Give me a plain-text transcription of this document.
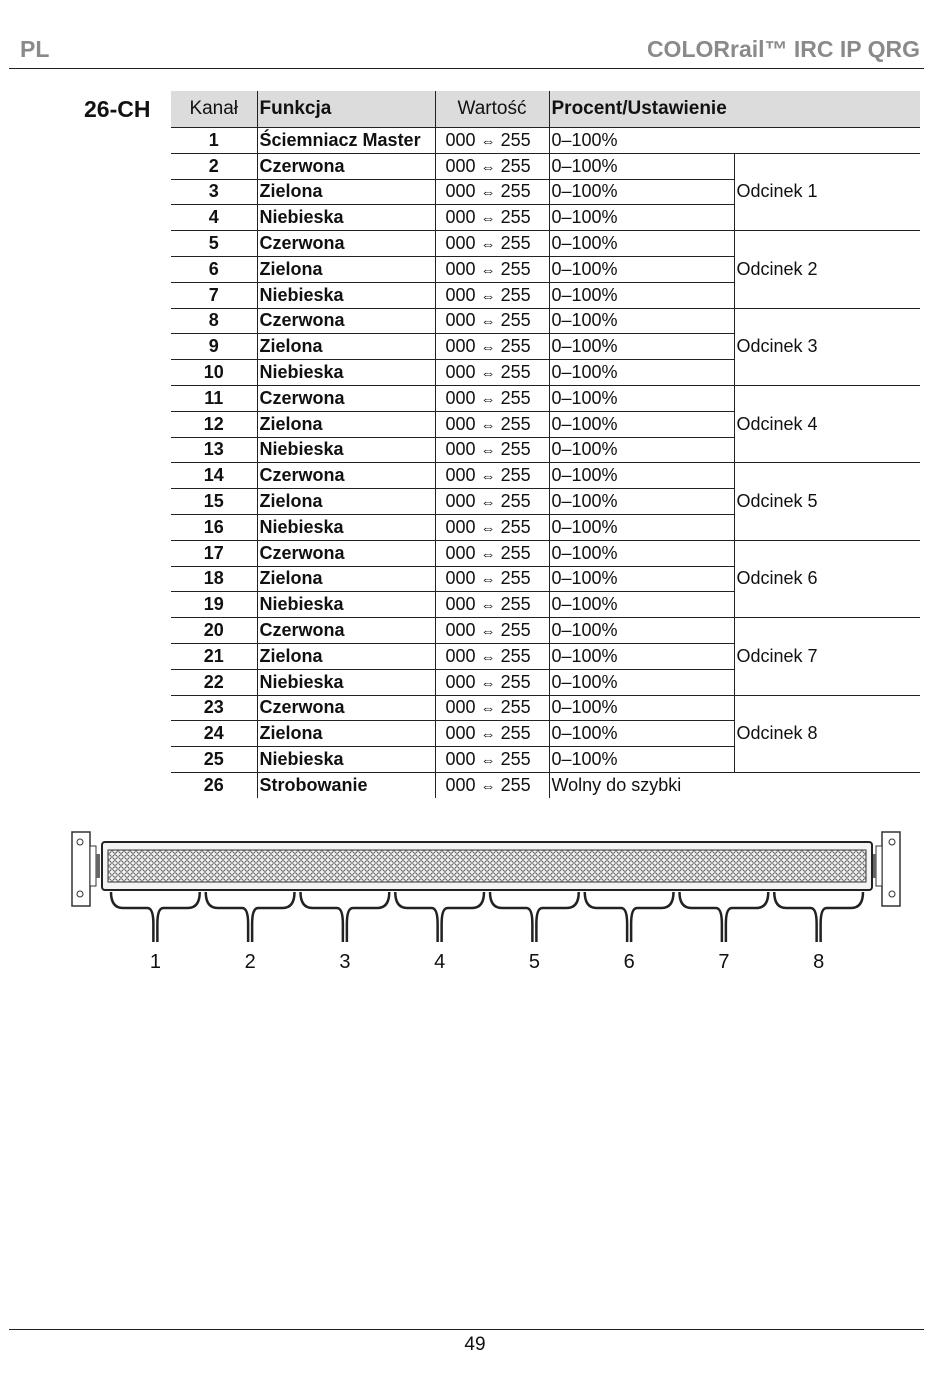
PL	COLORrail™ IRC IP QRG
26-CH Kanał	Funkcja	Wartość	Procent/Ustawienie	
1	Ściemniacz Master	000 ⇔ 255	0–100%	
2	Czerwona	000 ⇔ 255	0–100%	Odcinek 1
3	Zielona	000 ⇔ 255	0–100%	
4	Niebieska	000 ⇔ 255	0–100%	
5	Czerwona	000 ⇔ 255	0–100%	Odcinek 2
6	Zielona	000 ⇔ 255	0–100%	
7	Niebieska	000 ⇔ 255	0–100%	
8	Czerwona	000 ⇔ 255	0–100%	Odcinek 3
9	Zielona	000 ⇔ 255	0–100%	
10	Niebieska	000 ⇔ 255	0–100%	
11	Czerwona	000 ⇔ 255	0–100%	Odcinek 4
12	Zielona	000 ⇔ 255	0–100%	
13	Niebieska	000 ⇔ 255	0–100%	
14	Czerwona	000 ⇔ 255	0–100%	Odcinek 5
15	Zielona	000 ⇔ 255	0–100%	
16	Niebieska	000 ⇔ 255	0–100%	
17	Czerwona	000 ⇔ 255	0–100%	Odcinek 6
18	Zielona	000 ⇔ 255	0–100%	
19	Niebieska	000 ⇔ 255	0–100%	
20	Czerwona	000 ⇔ 255	0–100%	Odcinek 7
21	Zielona	000 ⇔ 255	0–100%	
22	Niebieska	000 ⇔ 255	0–100%	
23	Czerwona	000 ⇔ 255	0–100%	Odcinek 8
24	Zielona	000 ⇔ 255	0–100%	
25	Niebieska	000 ⇔ 255	0–100%	
26	Strobowanie	000 ⇔ 255	Wolny do szybki	
1	2	3	4	5	6	7	8
49
